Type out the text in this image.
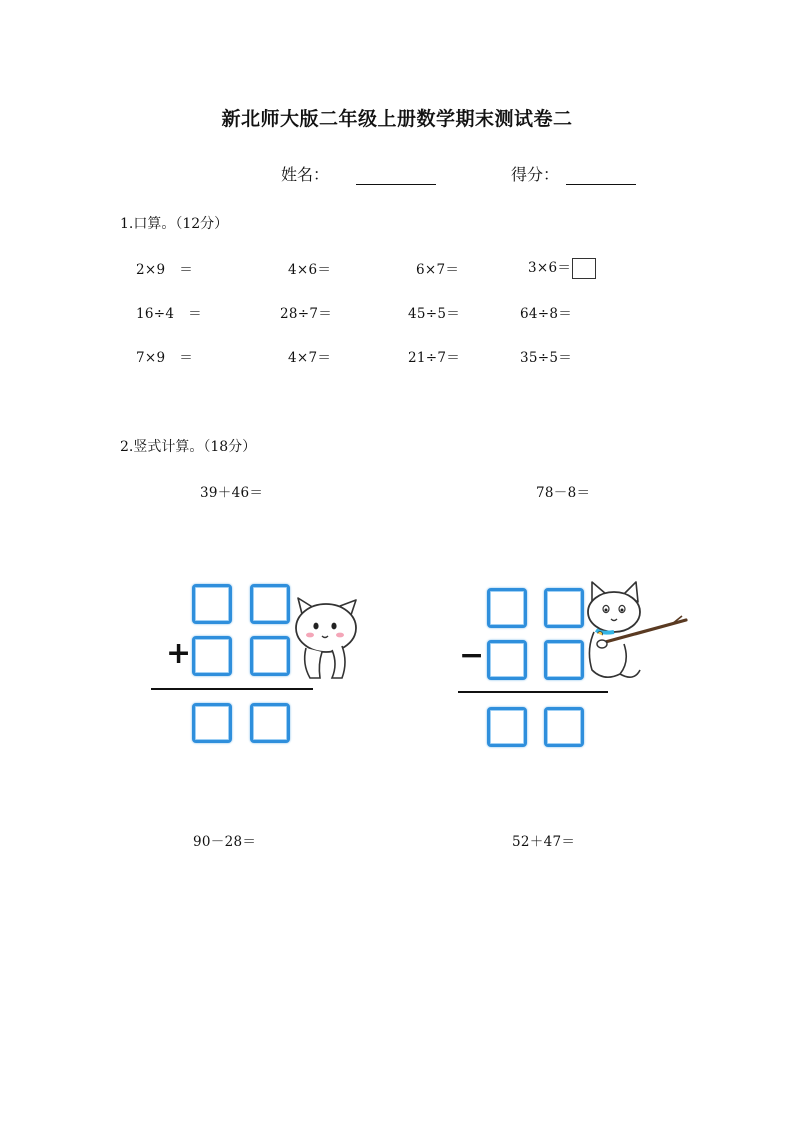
新北师大版二年级上册数学期末测试卷二
姓名：	得分：
1.口算。（12分）
2×9　＝	4×6＝	6×7＝	3×6＝
16÷4　＝	28÷7＝	45÷5＝	64÷8＝
7×9　＝	4×7＝	21÷7＝	35÷5＝
2.竖式计算。（18分）
39＋46＝	78－8＝
+	−
90－28＝	52＋47＝
